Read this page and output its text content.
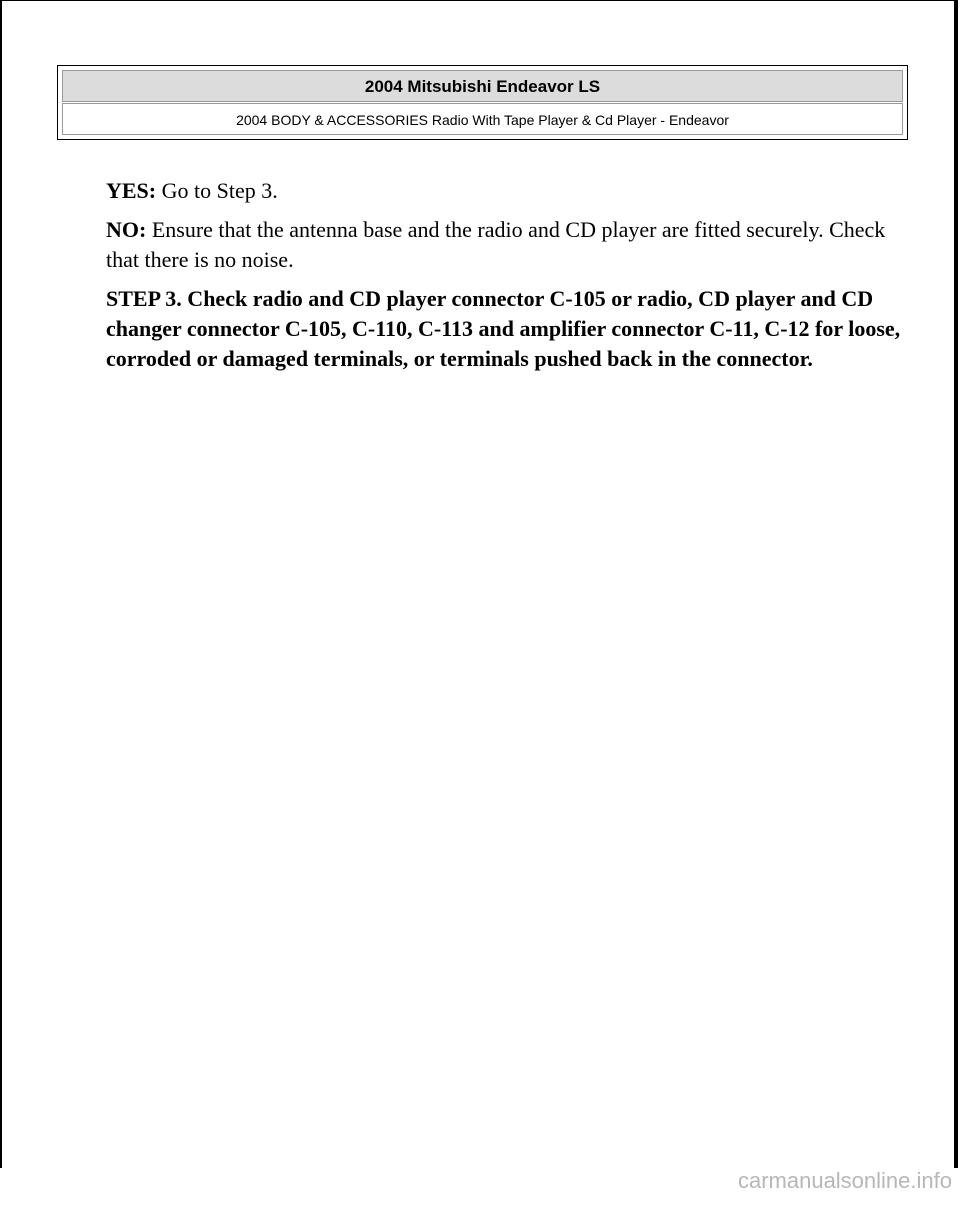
2004 Mitsubishi Endeavor LS
2004 BODY & ACCESSORIES Radio With Tape Player & Cd Player - Endeavor

YES: Go to Step 3.

NO: Ensure that the antenna base and the radio and CD player are fitted securely. Check that there is no noise.

STEP 3. Check radio and CD player connector C-105 or radio, CD player and CD changer connector C-105, C-110, C-113 and amplifier connector C-11, C-12 for loose, corroded or damaged terminals, or terminals pushed back in the connector.

carmanualsonline.info
